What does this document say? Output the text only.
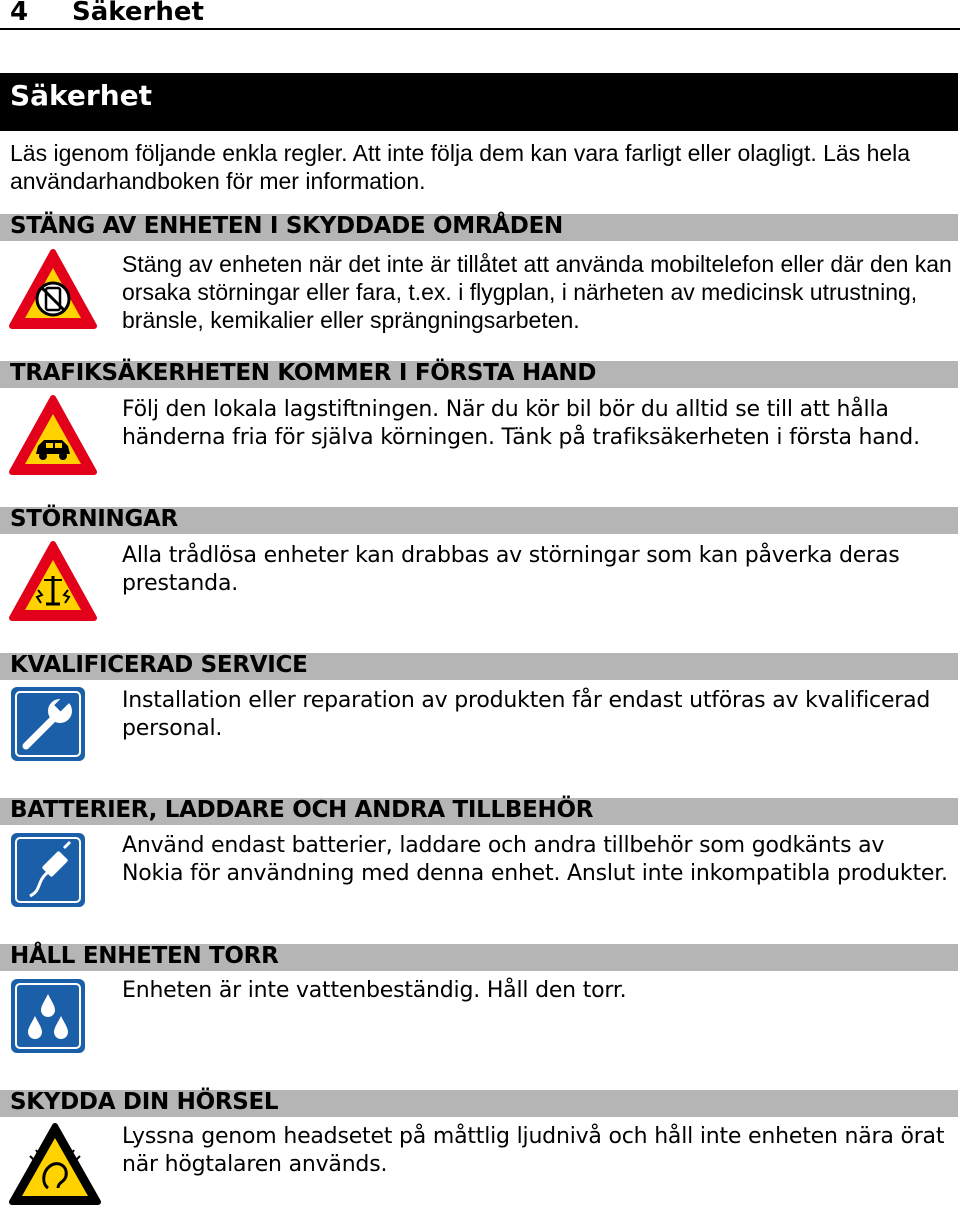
4 Säkerhet
Säkerhet
Läs igenom följande enkla regler. Att inte följa dem kan vara farligt eller olagligt. Läs hela användarhandboken för mer information.
STÄNG AV ENHETEN I SKYDDADE OMRÅDEN
Stäng av enheten när det inte är tillåtet att använda mobiltelefon eller där den kan orsaka störningar eller fara, t.ex. i flygplan, i närheten av medicinsk utrustning, bränsle, kemikalier eller sprängningsarbeten.
TRAFIKSÄKERHETEN KOMMER I FÖRSTA HAND
Följ den lokala lagstiftningen. När du kör bil bör du alltid se till att hålla händerna fria för själva körningen. Tänk på trafiksäkerheten i första hand.
STÖRNINGAR
Alla trådlösa enheter kan drabbas av störningar som kan påverka deras prestanda.
KVALIFICERAD SERVICE
Installation eller reparation av produkten får endast utföras av kvalificerad personal.
BATTERIER, LADDARE OCH ANDRA TILLBEHÖR
Använd endast batterier, laddare och andra tillbehör som godkänts av Nokia för användning med denna enhet. Anslut inte inkompatibla produkter.
HÅLL ENHETEN TORR
Enheten är inte vattenbeständig. Håll den torr.
SKYDDA DIN HÖRSEL
Lyssna genom headsetet på måttlig ljudnivå och håll inte enheten nära örat när högtalaren används.
